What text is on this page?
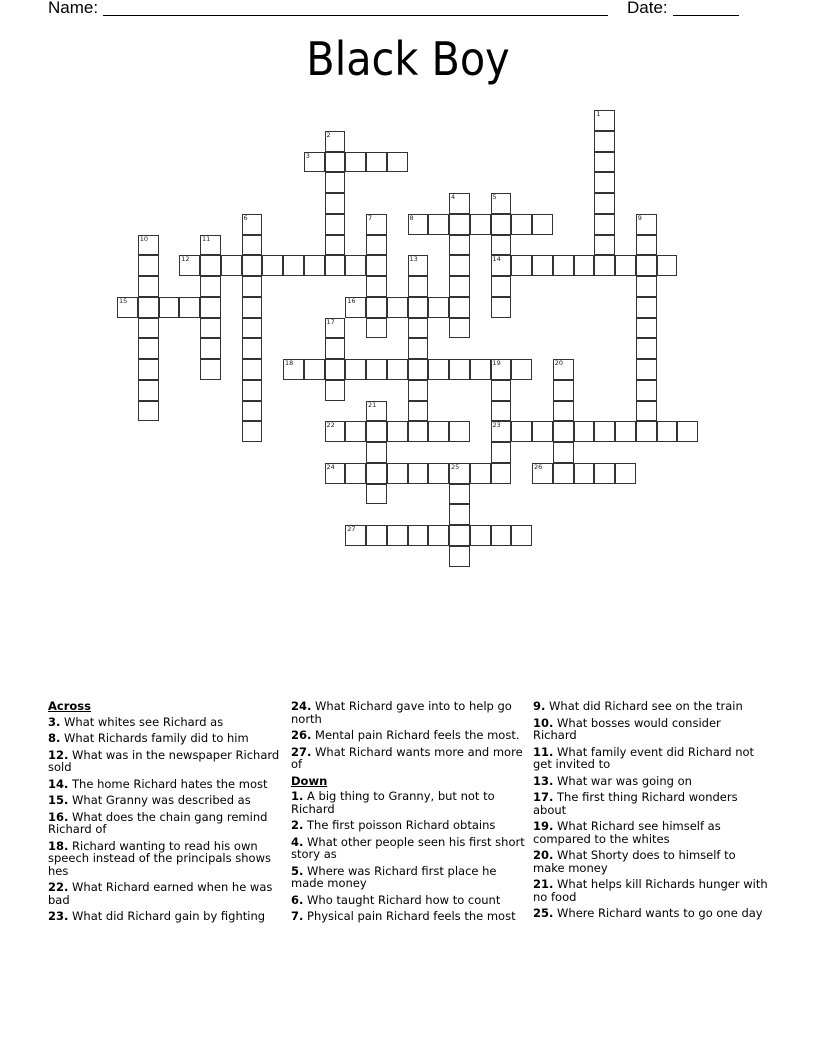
Name:	Date:
Black Boy
1
2
3
4	5
14
6	7	8	9
10	11
12	13
15	16
17
18	19
23
20
21
22
24	25	26
27
Across
3. What whites see Richard as
8. What Richards family did to him
12. What was in the newspaper Richard sold
14. The home Richard hates the most
15. What Granny was described as
16. What does the chain gang remind Richard of
18. Richard wanting to read his own speech instead of the principals shows hes
22. What Richard earned when he was bad
23. What did Richard gain by fighting
24. What Richard gave into to help go north
26. Mental pain Richard feels the most.
27. What Richard wants more and more of
Down
1. A big thing to Granny, but not to Richard
2. The first poisson Richard obtains
4. What other people seen his first short story as
5. Where was Richard first place he made money
6. Who taught Richard how to count
7. Physical pain Richard feels the most
9. What did Richard see on the train
10. What bosses would consider Richard
11. What family event did Richard not get invited to
13. What war was going on
17. The first thing Richard wonders about
19. What Richard see himself as compared to the whites
20. What Shorty does to himself to make money
21. What helps kill Richards hunger with no food
25. Where Richard wants to go one day
